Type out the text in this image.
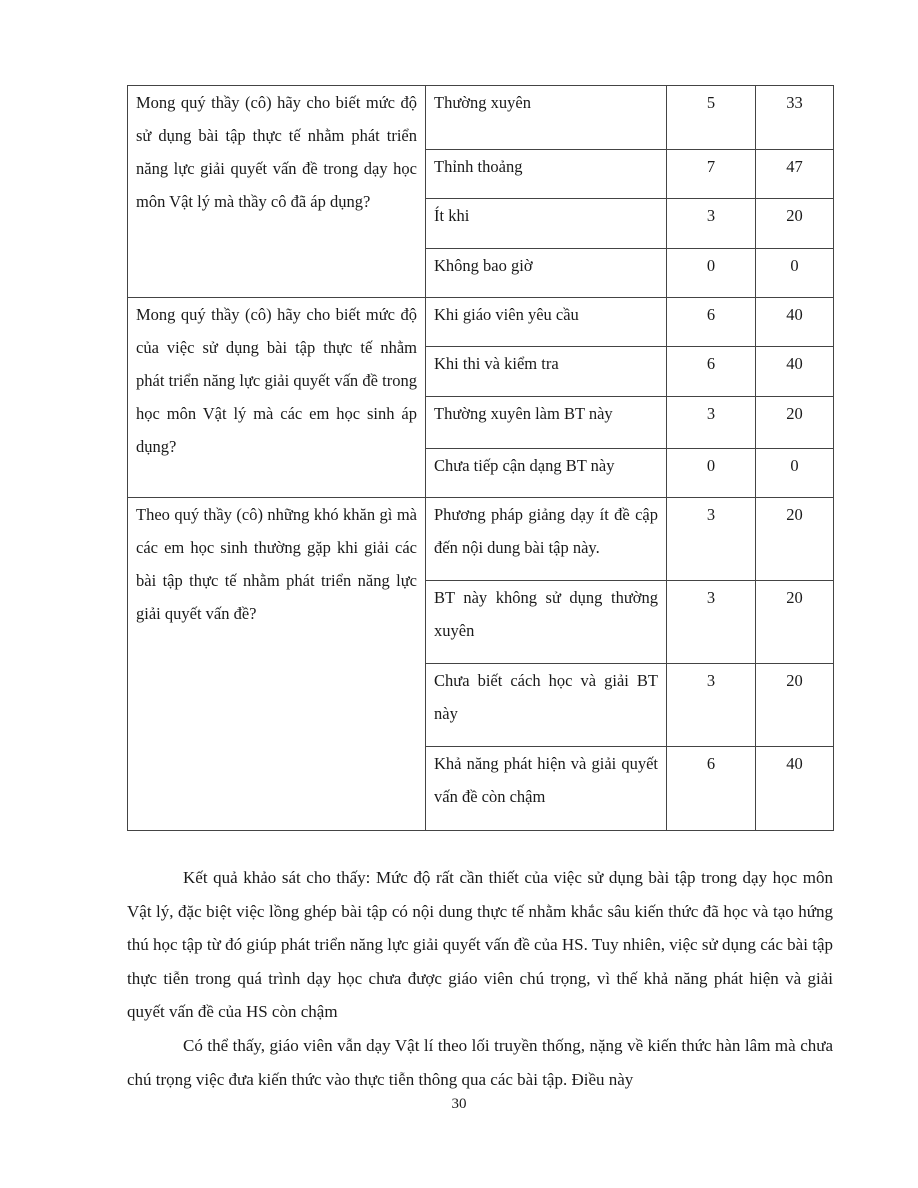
Mong quý thầy (cô) hãy cho biết mức độ sử dụng bài tập thực tế nhằm phát triển năng lực giải quyết vấn đề trong dạy học môn Vật lý mà thầy cô đã áp dụng?	Thường xuyên	5	33
	Thỉnh thoảng	7	47
	Ít khi	3	20
	Không bao giờ	0	0
Mong quý thầy (cô) hãy cho biết mức độ của việc sử dụng bài tập thực tế nhằm phát triển năng lực giải quyết vấn đề trong học môn Vật lý mà các em học sinh áp dụng?	Khi giáo viên yêu cầu	6	40
	Khi thi và kiểm tra	6	40
	Thường xuyên làm BT này	3	20
	Chưa tiếp cận dạng BT này	0	0
Theo quý thầy (cô) những khó khăn gì mà các em học sinh thường gặp khi giải các bài tập thực tế nhằm phát triển năng lực giải quyết vấn đề?	Phương pháp giảng dạy ít đề cập đến nội dung bài tập này.	3	20
	BT này không sử dụng thường xuyên	3	20
	Chưa biết cách học và giải BT này	3	20
	Khả năng phát hiện và giải quyết vấn đề còn chậm	6	40

Kết quả khảo sát cho thấy: Mức độ rất cần thiết của việc sử dụng bài tập trong dạy học môn Vật lý, đặc biệt việc lồng ghép bài tập có nội dung thực tế nhằm khắc sâu kiến thức đã học và tạo hứng thú học tập từ đó giúp phát triển năng lực giải quyết vấn đề của HS. Tuy nhiên, việc sử dụng các bài tập thực tiễn trong quá trình dạy học chưa được giáo viên chú trọng, vì thế khả năng phát hiện và giải quyết vấn đề của HS còn chậm

Có thể thấy, giáo viên vẫn dạy Vật lí theo lối truyền thống, nặng về kiến thức hàn lâm mà chưa chú trọng việc đưa kiến thức vào thực tiễn thông qua các bài tập. Điều này

30
